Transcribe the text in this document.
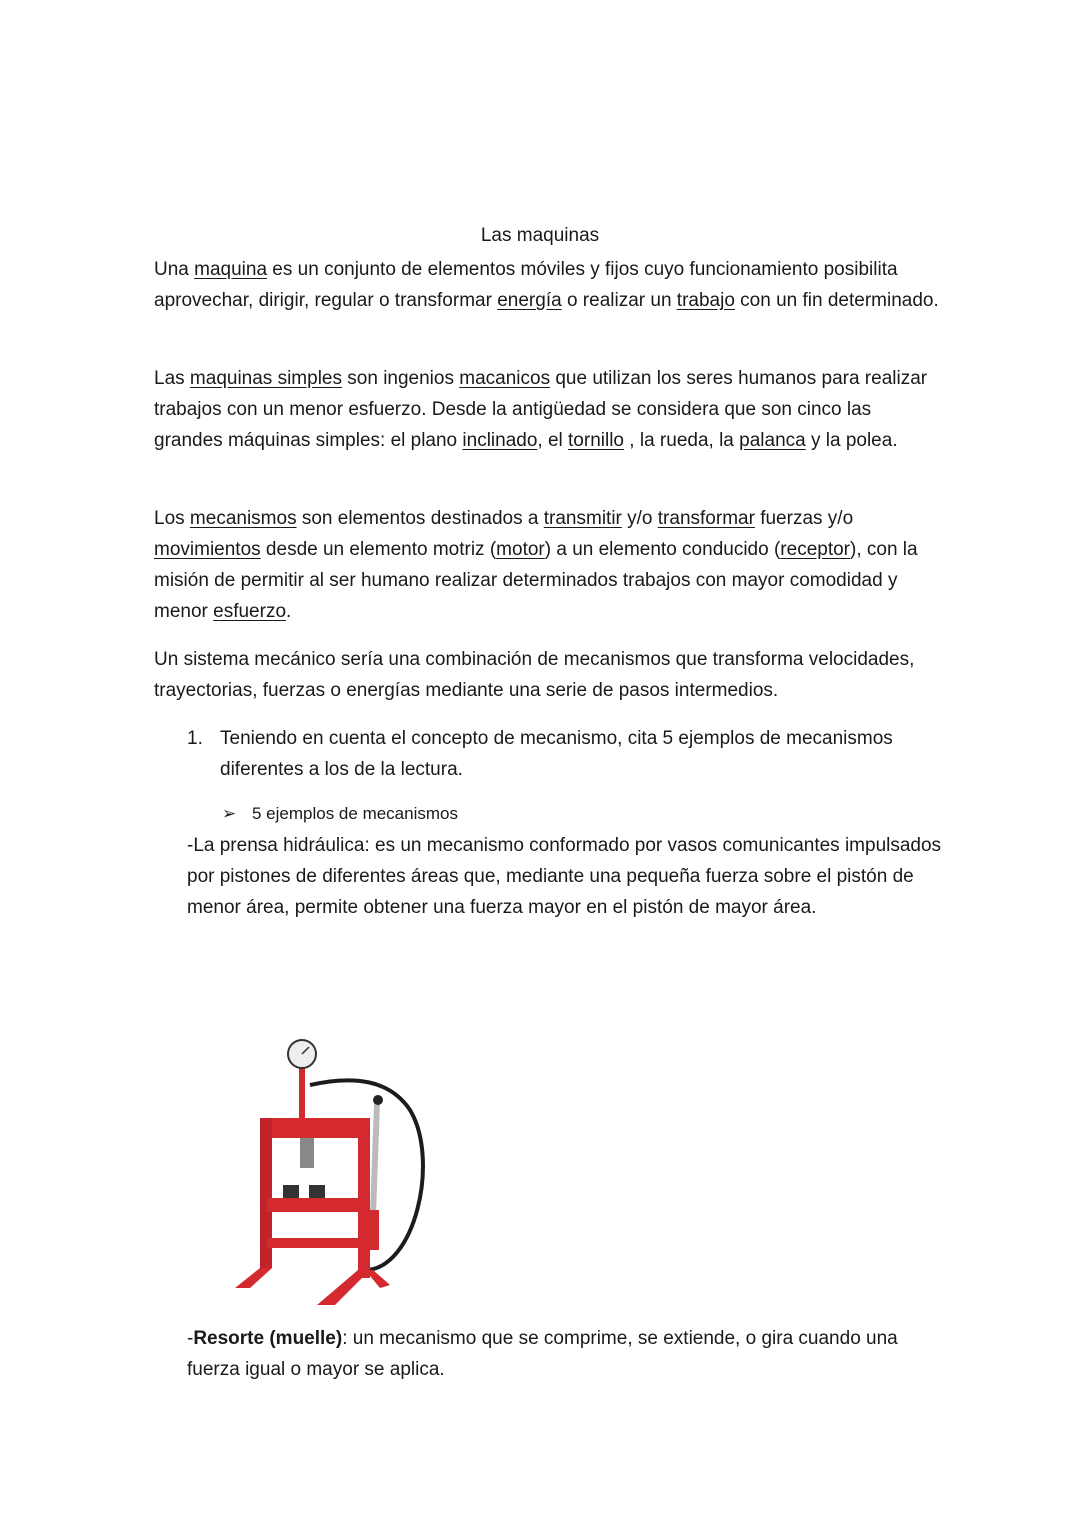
Las maquinas

Una maquina es un conjunto de elementos móviles y fijos cuyo funcionamiento posibilita aprovechar, dirigir, regular o transformar energía o realizar un trabajo con un fin determinado.

Las maquinas simples son ingenios macanicos que utilizan los seres humanos para realizar trabajos con un menor esfuerzo. Desde la antigüedad se considera que son cinco las grandes máquinas simples: el plano inclinado, el tornillo , la rueda, la palanca y la polea.

Los mecanismos son elementos destinados a transmitir y/o transformar fuerzas y/o movimientos desde un elemento motriz (motor) a un elemento conducido (receptor), con la misión de permitir al ser humano realizar determinados trabajos con mayor comodidad y menor esfuerzo.

Un sistema mecánico sería una combinación de mecanismos que transforma velocidades, trayectorias, fuerzas o energías mediante una serie de pasos intermedios.

1. Teniendo en cuenta el concepto de mecanismo, cita 5 ejemplos de mecanismos diferentes a los de la lectura.
➢ 5 ejemplos de mecanismos

-La prensa hidráulica: es un mecanismo conformado por vasos comunicantes impulsados por pistones de diferentes áreas que, mediante una pequeña fuerza sobre el pistón de menor área, permite obtener una fuerza mayor en el pistón de mayor área.

-Resorte (muelle): un mecanismo que se comprime, se extiende, o gira cuando una fuerza igual o mayor se aplica.
